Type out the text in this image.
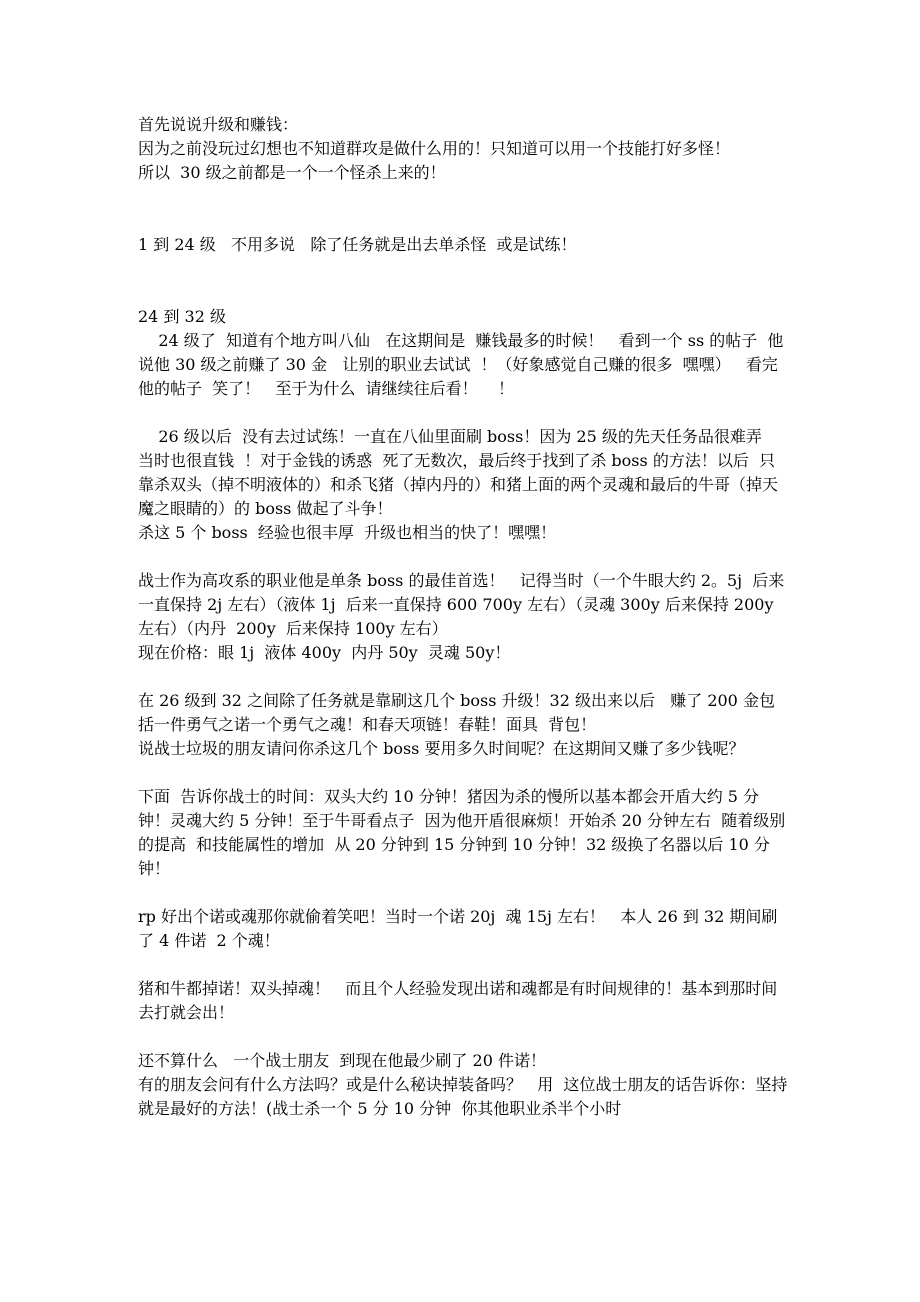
首先说说升级和赚钱：
因为之前没玩过幻想也不知道群攻是做什么用的！只知道可以用一个技能打好多怪！
所以  30 级之前都是一个一个怪杀上来的！

1 到 24 级   不用多说   除了任务就是出去单杀怪  或是试练！

24 到 32 级
24 级了  知道有个地方叫八仙   在这期间是  赚钱最多的时候！   看到一个 ss 的帖子  他说他 30 级之前赚了 30 金   让别的职业去试试  ！（好象感觉自己赚的很多  嘿嘿）   看完他的帖子  笑了！   至于为什么  请继续往后看！    ！

26 级以后  没有去过试练！一直在八仙里面刷 boss！因为 25 级的先天任务品很难弄   当时也很直钱  ！对于金钱的诱惑  死了无数次，最后终于找到了杀 boss 的方法！以后  只靠杀双头（掉不明液体的）和杀飞猪（掉内丹的）和猪上面的两个灵魂和最后的牛哥（掉天魔之眼睛的）的 boss 做起了斗争！
杀这 5 个 boss  经验也很丰厚  升级也相当的快了！嘿嘿！

战士作为高攻系的职业他是单条 boss 的最佳首选！   记得当时（一个牛眼大约 2。5j  后来一直保持 2j 左右）（液体 1j  后来一直保持 600 700y 左右）（灵魂 300y 后来保持 200y 左右）（内丹  200y  后来保持 100y 左右）
现在价格：眼 1j  液体 400y  内丹 50y  灵魂 50y！

在 26 级到 32 之间除了任务就是靠刷这几个 boss 升级！32 级出来以后   赚了 200 金包括一件勇气之诺一个勇气之魂！和春天项链！春鞋！面具  背包！
说战士垃圾的朋友请问你杀这几个 boss 要用多久时间呢？在这期间又赚了多少钱呢？

下面  告诉你战士的时间：双头大约 10 分钟！猪因为杀的慢所以基本都会开盾大约 5 分钟！灵魂大约 5 分钟！至于牛哥看点子  因为他开盾很麻烦！开始杀 20 分钟左右  随着级别的提高  和技能属性的增加  从 20 分钟到 15 分钟到 10 分钟！32 级换了名器以后 10 分钟！

rp 好出个诺或魂那你就偷着笑吧！当时一个诺 20j  魂 15j 左右！   本人 26 到 32 期间刷了 4 件诺  2 个魂！

猪和牛都掉诺！双头掉魂！   而且个人经验发现出诺和魂都是有时间规律的！基本到那时间去打就会出！

还不算什么   一个战士朋友  到现在他最少刷了 20 件诺！
有的朋友会问有什么方法吗？或是什么秘诀掉装备吗？   用  这位战士朋友的话告诉你：坚持就是最好的方法！(战士杀一个 5 分 10 分钟  你其他职业杀半个小时
